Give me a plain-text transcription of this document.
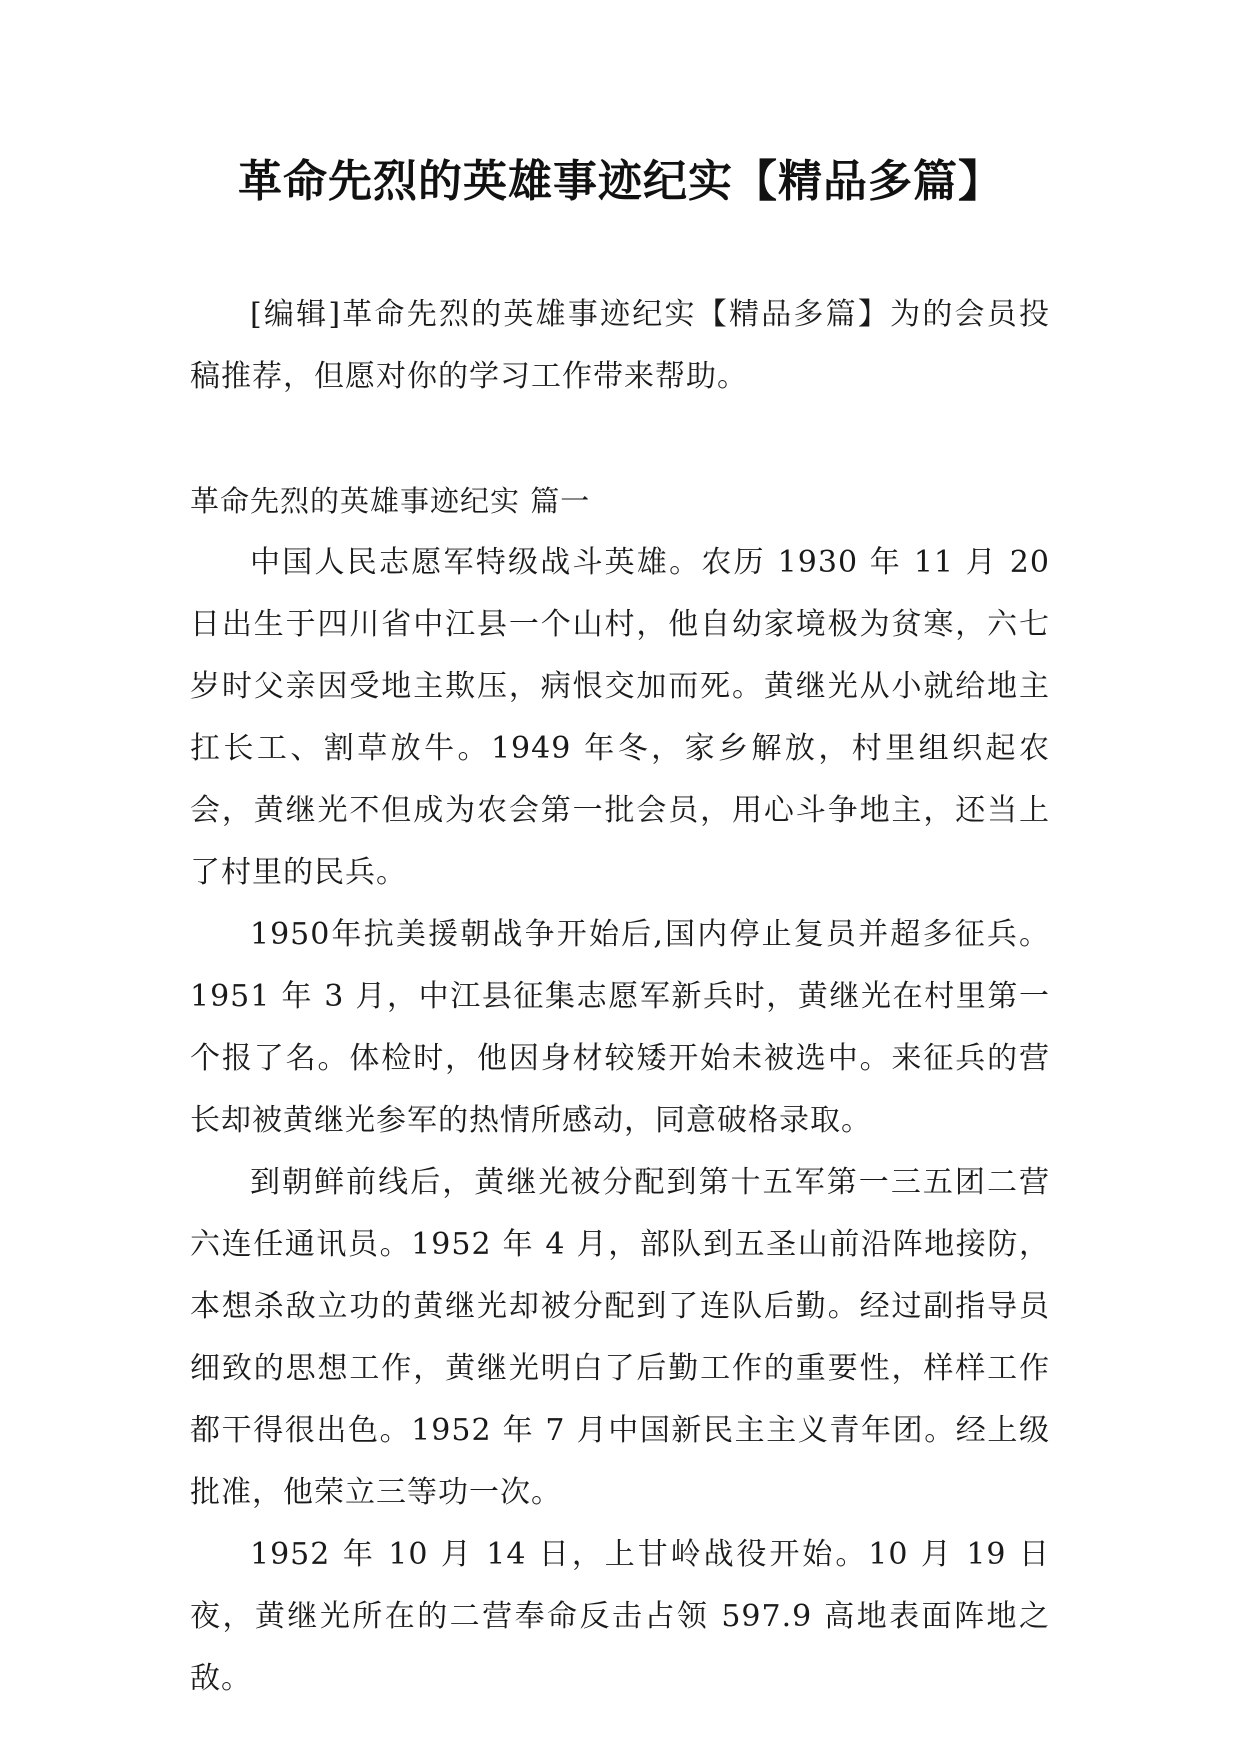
革命先烈的英雄事迹纪实【精品多篇】

[编辑]革命先烈的英雄事迹纪实【精品多篇】为的会员投稿推荐，但愿对你的学习工作带来帮助。

革命先烈的英雄事迹纪实 篇一

中国人民志愿军特级战斗英雄。农历 1930 年 11 月 20 日出生于四川省中江县一个山村，他自幼家境极为贫寒，六七岁时父亲因受地主欺压，病恨交加而死。黄继光从小就给地主扛长工、割草放牛。1949 年冬，家乡解放，村里组织起农会，黄继光不但成为农会第一批会员，用心斗争地主，还当上了村里的民兵。

1950年抗美援朝战争开始后,国内停止复员并超多征兵。1951 年 3 月，中江县征集志愿军新兵时，黄继光在村里第一个报了名。体检时，他因身材较矮开始未被选中。来征兵的营长却被黄继光参军的热情所感动，同意破格录取。

到朝鲜前线后，黄继光被分配到第十五军第一三五团二营六连任通讯员。1952 年 4 月，部队到五圣山前沿阵地接防，本想杀敌立功的黄继光却被分配到了连队后勤。经过副指导员细致的思想工作，黄继光明白了后勤工作的重要性，样样工作都干得很出色。1952 年 7 月中国新民主主义青年团。经上级批准，他荣立三等功一次。

1952 年 10 月 14 日，上甘岭战役开始。10 月 19 日夜，黄继光所在的二营奉命反击占领 597.9 高地表面阵地之敌。
